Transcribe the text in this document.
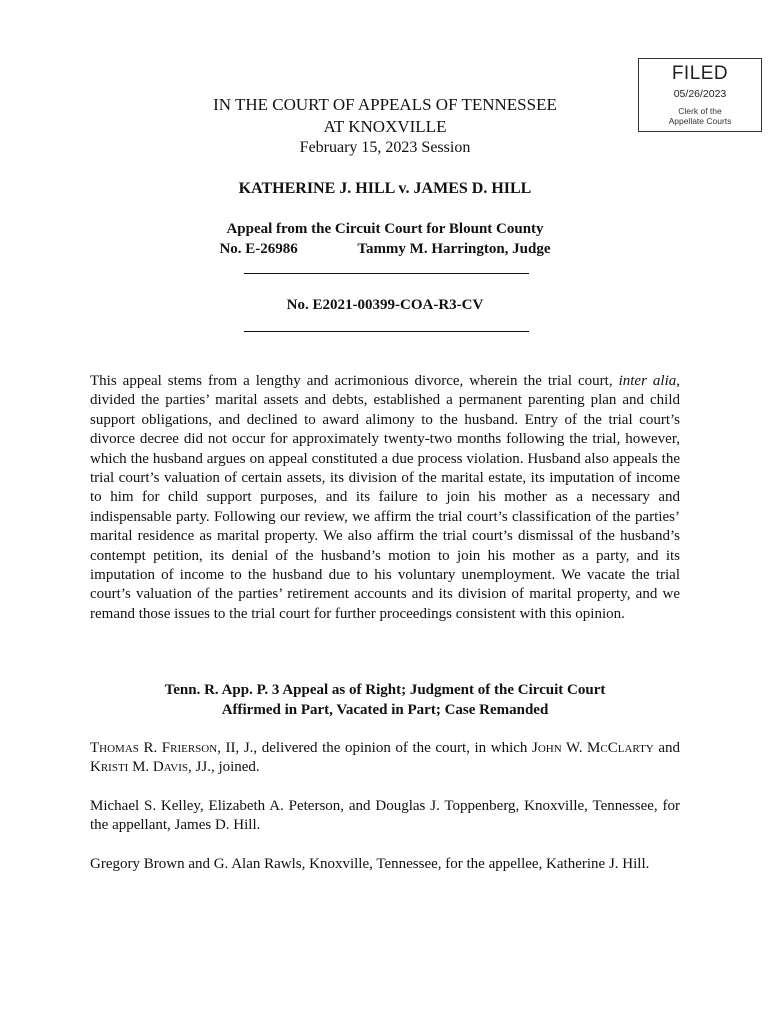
FILED
05/26/2023
Clerk of the
Appellate Courts
IN THE COURT OF APPEALS OF TENNESSEE
AT KNOXVILLE
February 15, 2023 Session
KATHERINE J. HILL v. JAMES D. HILL
Appeal from the Circuit Court for Blount County
No. E-26986	Tammy M. Harrington, Judge
No. E2021-00399-COA-R3-CV
This appeal stems from a lengthy and acrimonious divorce, wherein the trial court, inter alia, divided the parties’ marital assets and debts, established a permanent parenting plan and child support obligations, and declined to award alimony to the husband. Entry of the trial court’s divorce decree did not occur for approximately twenty-two months following the trial, however, which the husband argues on appeal constituted a due process violation. Husband also appeals the trial court’s valuation of certain assets, its division of the marital estate, its imputation of income to him for child support purposes, and its failure to join his mother as a necessary and indispensable party. Following our review, we affirm the trial court’s classification of the parties’ marital residence as marital property. We also affirm the trial court’s dismissal of the husband’s contempt petition, its denial of the husband’s motion to join his mother as a party, and its imputation of income to the husband due to his voluntary unemployment. We vacate the trial court’s valuation of the parties’ retirement accounts and its division of marital property, and we remand those issues to the trial court for further proceedings consistent with this opinion.
Tenn. R. App. P. 3 Appeal as of Right; Judgment of the Circuit Court
Affirmed in Part, Vacated in Part; Case Remanded
Thomas R. Frierson, II, J., delivered the opinion of the court, in which John W. McClarty and Kristi M. Davis, JJ., joined.
Michael S. Kelley, Elizabeth A. Peterson, and Douglas J. Toppenberg, Knoxville, Tennessee, for the appellant, James D. Hill.
Gregory Brown and G. Alan Rawls, Knoxville, Tennessee, for the appellee, Katherine J. Hill.
